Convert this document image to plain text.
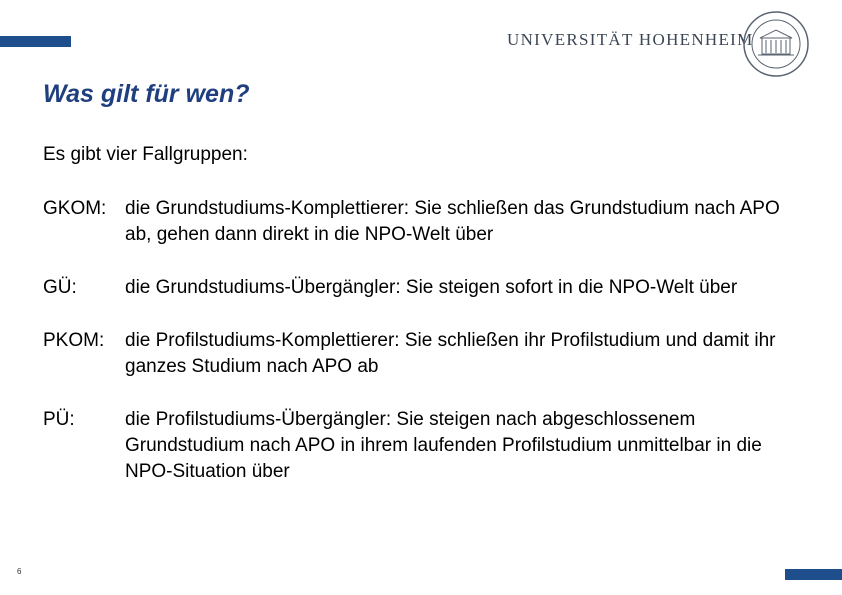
UNIVERSITÄT HOHENHEIM
Was gilt für wen?

Es gibt vier Fallgruppen:

GKOM: die Grundstudiums-Komplettierer: Sie schließen das Grundstudium nach APO ab, gehen dann direkt in die NPO-Welt über
GÜ:	die Grundstudiums-Übergängler: Sie steigen sofort in die NPO-Welt über
PKOM:	die Profilstudiums-Komplettierer: Sie schließen ihr Profilstudium und damit ihr ganzes Studium nach APO ab
PÜ:	die Profilstudiums-Übergängler: Sie steigen nach abgeschlossenem Grundstudium nach APO in ihrem laufenden Profilstudium unmittelbar in die NPO-Situation über
6
